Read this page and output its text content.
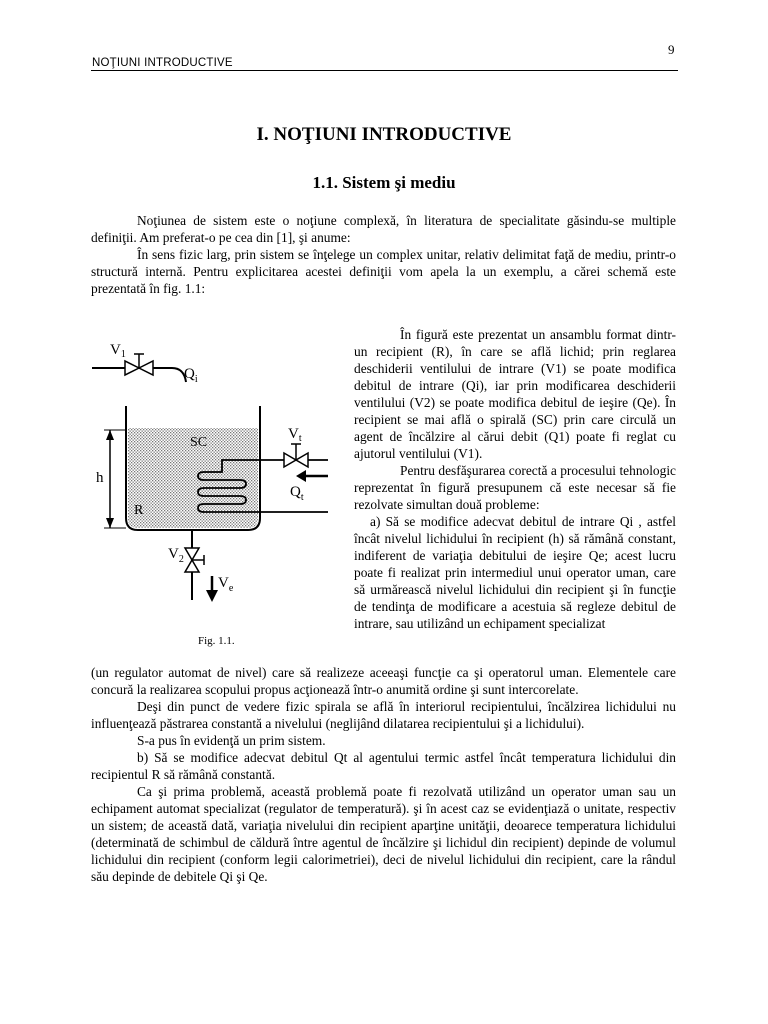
9
NOŢIUNI INTRODUCTIVE
I. NOŢIUNI INTRODUCTIVE
1.1. Sistem şi mediu

Noţiunea de sistem este o noţiune complexă, în literatura de specialitate găsindu-se multiple definiţii. Am preferat-o pe cea din [1], şi anume:

În sens fizic larg, prin sistem se înţelege un complex unitar, relativ delimitat faţă de mediu, printr-o structură internă. Pentru explicitarea acestei definiţii vom apela la un exemplu, a cărei schemă este prezentată în fig. 1.1:

$V_1$
$Q_i$
h
SC
R
$V_t$
$Q_t$
$V_2$
$V_e$
Fig. 1.1.

În figură este prezentat un ansamblu format dintr-un recipient (R), în care se află lichid; prin reglarea deschiderii ventilului de intrare (V1) se poate modifica debitul de intrare (Qi), iar prin modificarea deschiderii ventilului (V2) se poate modifica debitul de ieşire (Qe). În recipient se mai află o spirală (SC) prin care circulă un agent de încălzire al cărui debit (Q1) poate fi reglat cu ajutorul ventilului (V1).

Pentru desfăşurarea corectă a procesului tehnologic reprezentat în figură presupunem că este necesar să fie rezolvate simultan două probleme:

a) Să se modifice adecvat debitul de intrare Qi , astfel încât nivelul lichidului în recipient (h) să rămână constant, indiferent de variaţia debitului de ieşire Qe; acest lucru poate fi realizat prin intermediul unui operator uman, care să urmărească nivelul lichidului din recipient şi în funcţie de tendinţa de modificare a acestuia să regleze debitul de intrare, sau utilizând un echipament specializat

(un regulator automat de nivel) care să realizeze aceeaşi funcţie ca şi operatorul uman. Elementele care concură la realizarea scopului propus acţionează într-o anumită ordine şi sunt intercorelate.

Deşi din punct de vedere fizic spirala se află în interiorul recipientului, încălzirea lichidului nu influenţează păstrarea constantă a nivelului (neglijând dilatarea recipientului şi a lichidului).

S-a pus în evidenţă un prim sistem.

b) Să se modifice adecvat debitul Qt al agentului termic astfel încât temperatura lichidului din recipientul R să rămână constantă.

Ca şi prima problemă, această problemă poate fi rezolvată utilizând un operator uman sau un echipament automat specializat (regulator de temperatură). şi în acest caz se evidenţiază o unitate, respectiv un sistem; de această dată, variaţia nivelului din recipient aparţine unităţii, deoarece temperatura lichidului (determinată de schimbul de căldură între agentul de încălzire şi lichidul din recipient) depinde de volumul lichidului din recipient (conform legii calorimetriei), deci de nivelul lichidului din recipient, care la rândul său depinde de debitele Qi şi Qe.
